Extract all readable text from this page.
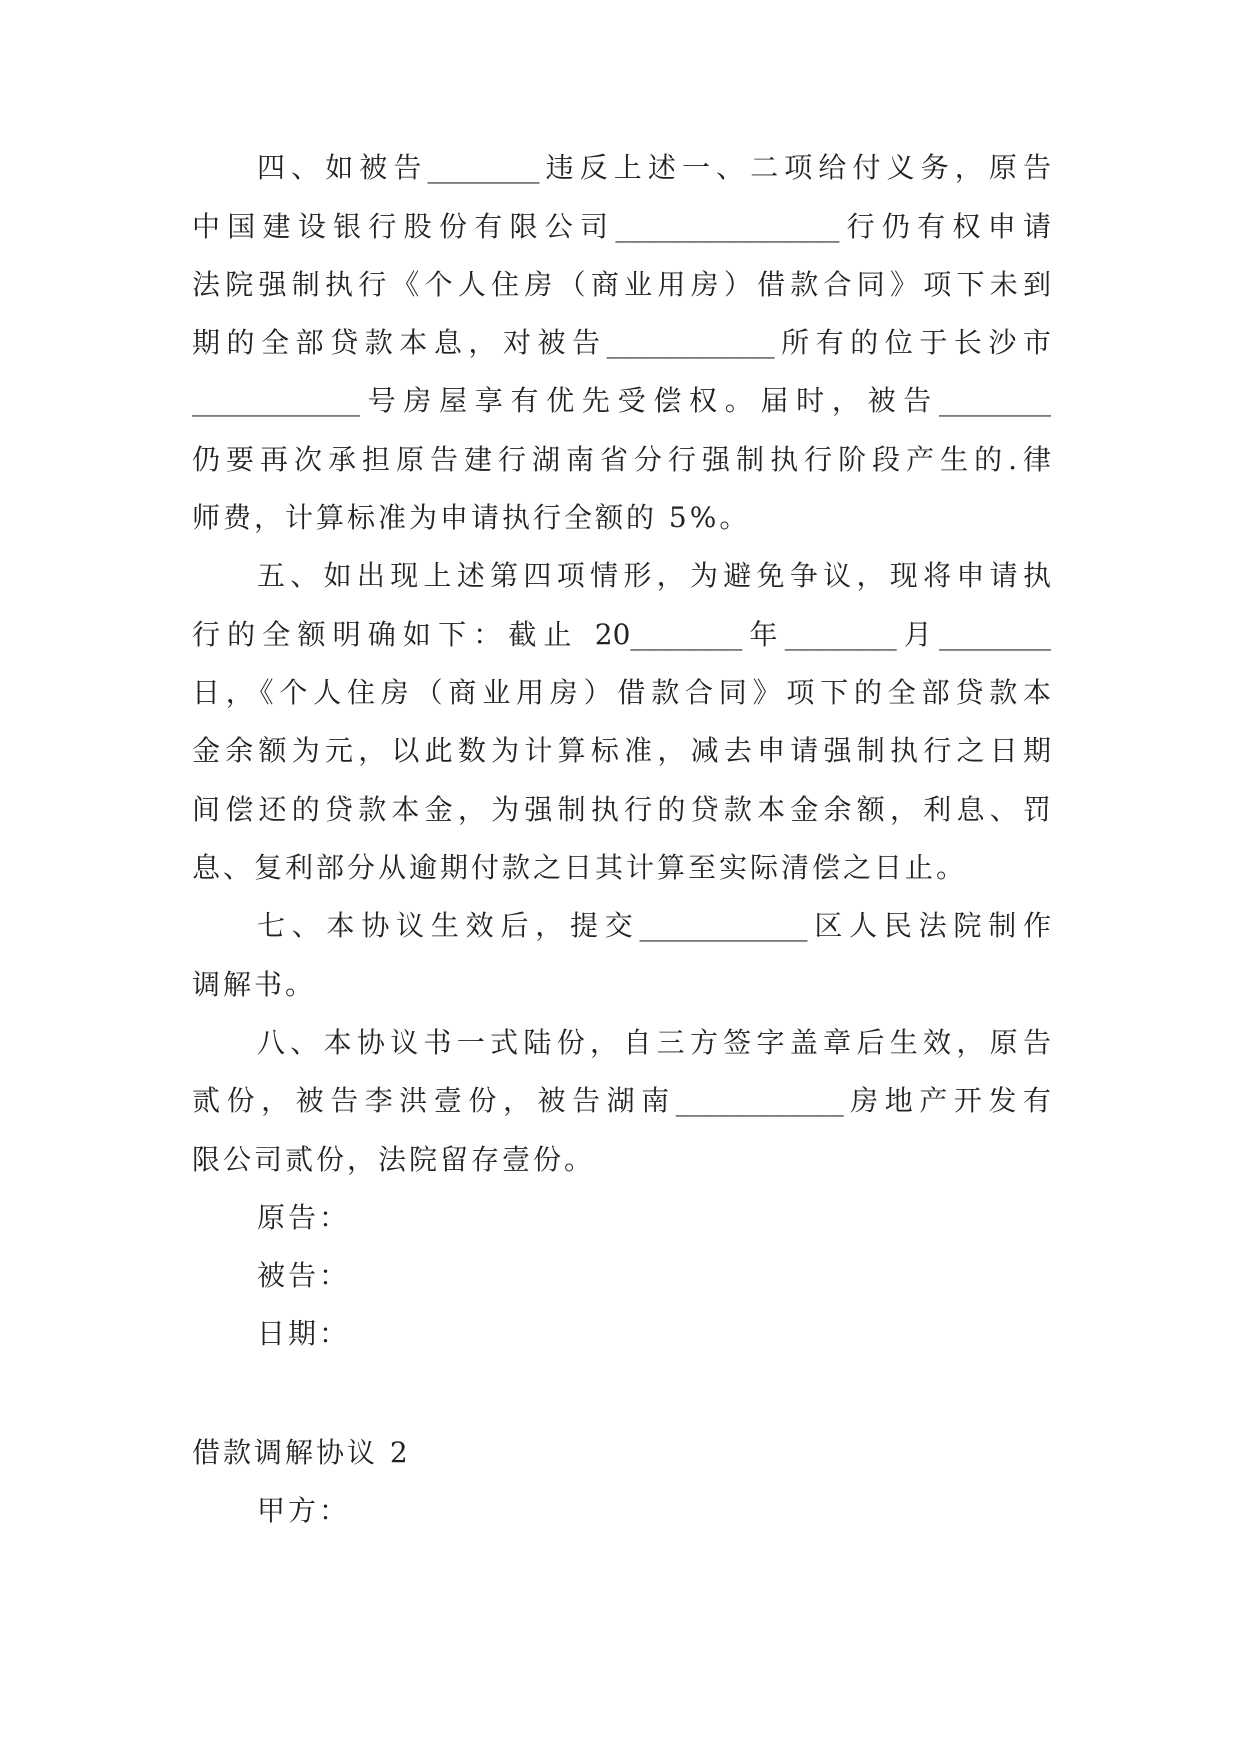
四、如被告________违反上述一、二项给付义务，原告
中国建设银行股份有限公司________________行仍有权申请
法院强制执行《个人住房（商业用房）借款合同》项下未到
期的全部贷款本息，对被告____________所有的位于长沙市
____________号房屋享有优先受偿权。届时，被告________
仍要再次承担原告建行湖南省分行强制执行阶段产生的.律
师费，计算标准为申请执行全额的 5%。
五、如出现上述第四项情形，为避免争议，现将申请执
行的全额明确如下：截止 20________年________月________
日，《个人住房（商业用房）借款合同》项下的全部贷款本
金余额为元，以此数为计算标准，减去申请强制执行之日期
间偿还的贷款本金，为强制执行的贷款本金余额，利息、罚
息、复利部分从逾期付款之日其计算至实际清偿之日止。
七、本协议生效后，提交____________区人民法院制作
调解书。
八、本协议书一式陆份，自三方签字盖章后生效，原告
贰份，被告李洪壹份，被告湖南____________房地产开发有
限公司贰份，法院留存壹份。
原告：
被告：
日期：
借款调解协议 2
甲方：
